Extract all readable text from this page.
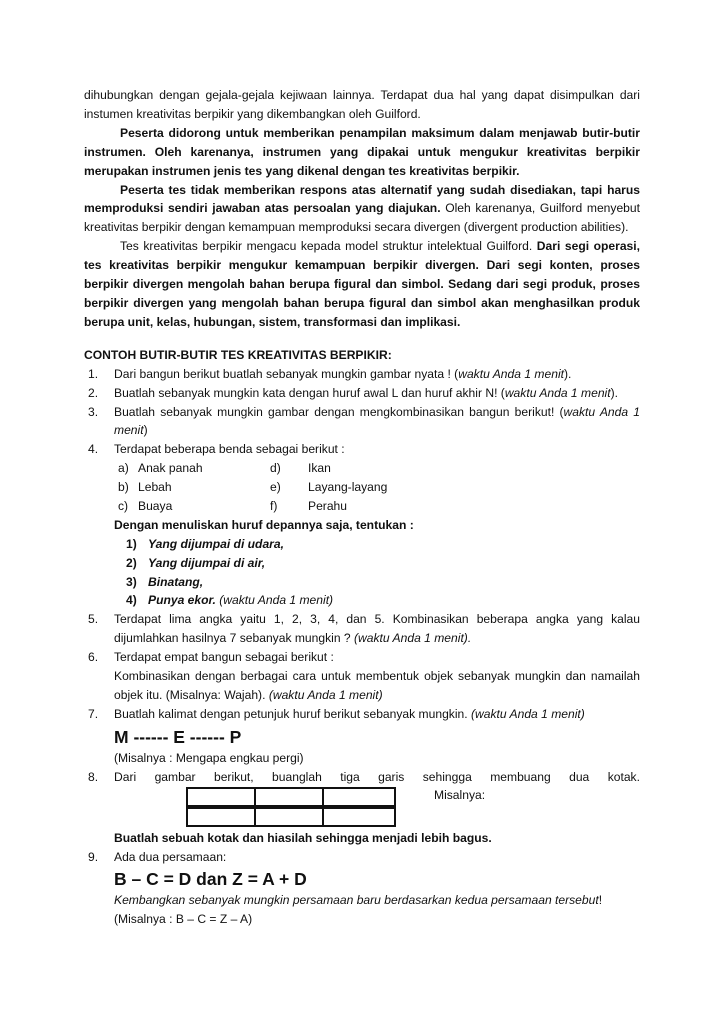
dihubungkan dengan gejala-gejala kejiwaan lainnya. Terdapat dua hal yang dapat disimpulkan dari instumen kreativitas berpikir yang dikembangkan oleh Guilford.

Peserta didorong untuk memberikan penampilan maksimum dalam menjawab butir-butir instrumen. Oleh karenanya, instrumen yang dipakai untuk mengukur kreativitas berpikir merupakan instrumen jenis tes yang dikenal dengan tes kreativitas berpikir.

Peserta tes tidak memberikan respons atas alternatif yang sudah disediakan, tapi harus memproduksi sendiri jawaban atas persoalan yang diajukan. Oleh karenanya, Guilford menyebut kreativitas berpikir dengan kemampuan memproduksi secara divergen (divergent production abilities).

Tes kreativitas berpikir mengacu kepada model struktur intelektual Guilford. Dari segi operasi, tes kreativitas berpikir mengukur kemampuan berpikir divergen. Dari segi konten, proses berpikir divergen mengolah bahan berupa figural dan simbol. Sedang dari segi produk, proses berpikir divergen yang mengolah bahan berupa figural dan simbol akan menghasilkan produk berupa unit, kelas, hubungan, sistem, transformasi dan implikasi.

CONTOH BUTIR-BUTIR TES KREATIVITAS BERPIKIR:

1. Dari bangun berikut buatlah sebanyak mungkin gambar nyata ! (waktu Anda 1 menit).
2. Buatlah sebanyak mungkin kata dengan huruf awal L dan huruf akhir N! (waktu Anda 1 menit).
3. Buatlah sebanyak mungkin gambar dengan mengkombinasikan bangun berikut! (waktu Anda 1 menit)
4. Terdapat beberapa benda sebagai berikut :
a) Anak panah	d) Ikan
b) Lebah	e) Layang-layang
c) Buaya	f)	Perahu
Dengan menuliskan huruf depannya saja, tentukan :
1) Yang dijumpai di udara,
2) Yang dijumpai di air,
3) Binatang,
4) Punya ekor. (waktu Anda 1 menit)
5. Terdapat lima angka yaitu 1, 2, 3, 4, dan 5. Kombinasikan beberapa angka yang kalau dijumlahkan hasilnya 7 sebanyak mungkin ? (waktu Anda 1 menit).
6. Terdapat empat bangun sebagai berikut :
Kombinasikan dengan berbagai cara untuk membentuk objek sebanyak mungkin dan namailah objek itu. (Misalnya: Wajah). (waktu Anda 1 menit)
7. Buatlah kalimat dengan petunjuk huruf berikut sebanyak mungkin. (waktu Anda 1 menit)
M ------ E ------ P
(Misalnya : Mengapa engkau pergi)
8. Dari gambar berikut, buanglah tiga garis sehingga membuang dua kotak.
Misalnya:
Buatlah sebuah kotak dan hiasilah sehingga menjadi lebih bagus.
9. Ada dua persamaan:
B – C = D dan Z = A + D
Kembangkan sebanyak mungkin persamaan baru berdasarkan kedua persamaan tersebut!
(Misalnya : B – C = Z – A)
